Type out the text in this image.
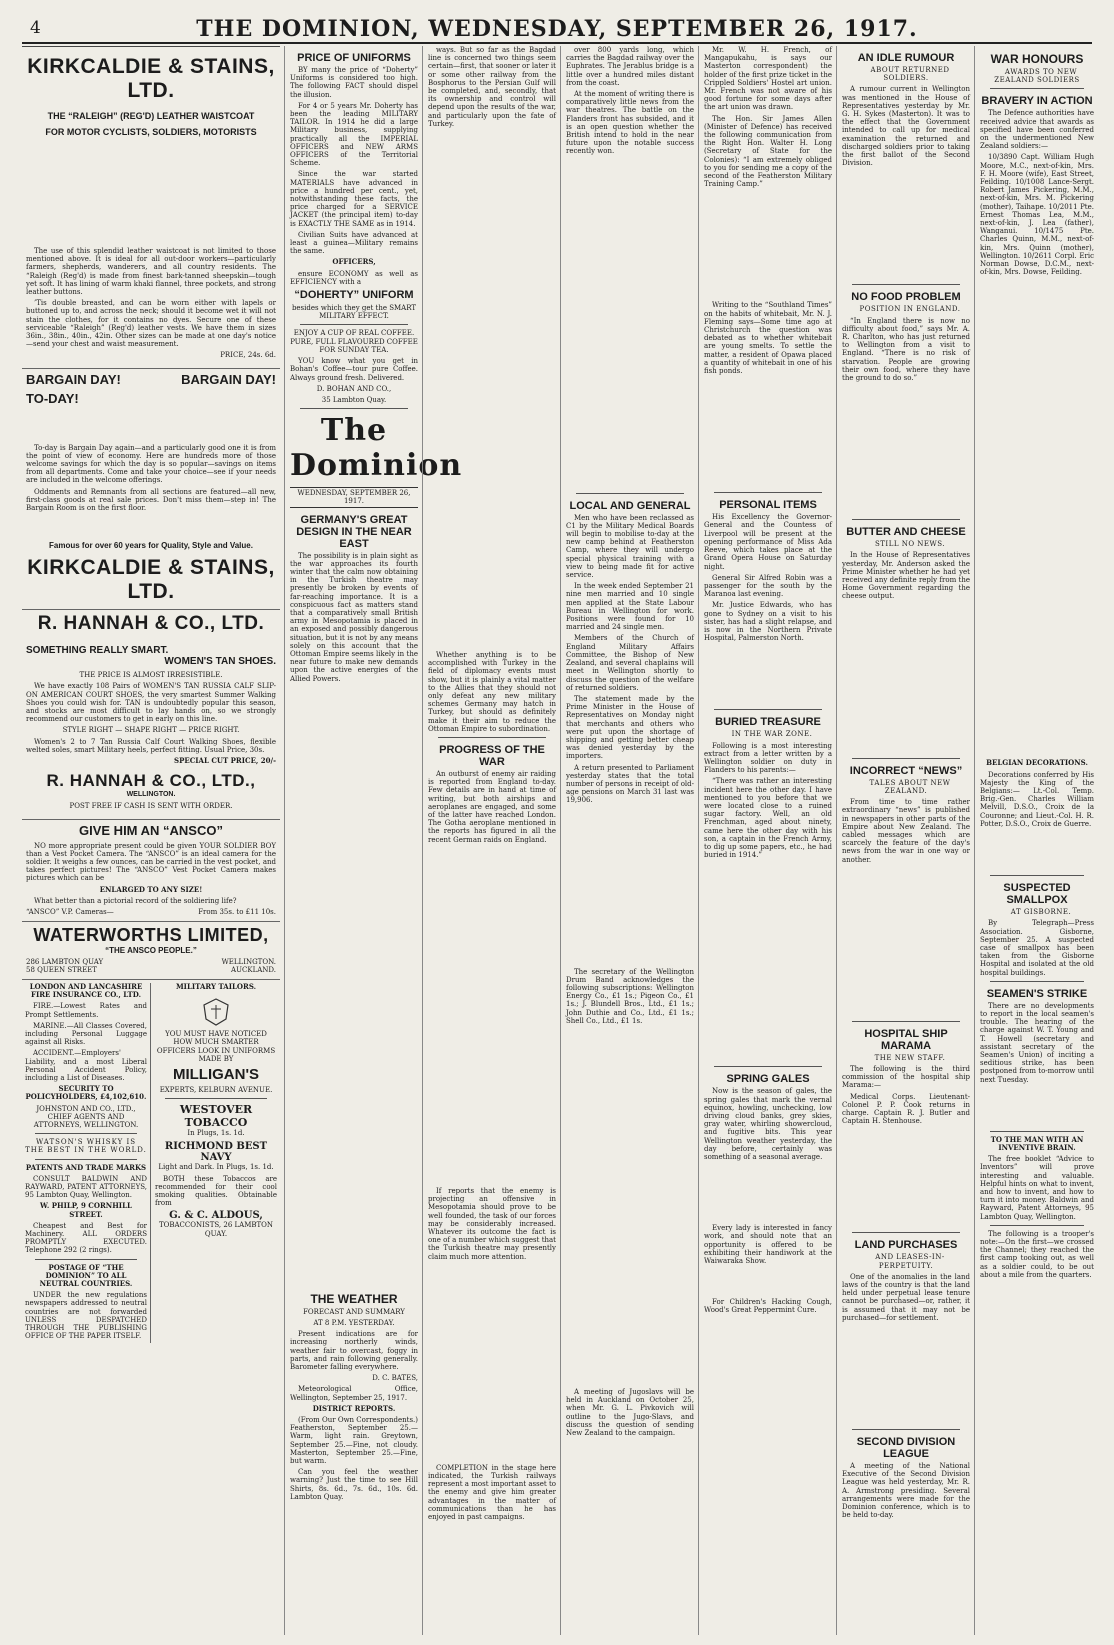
4	THE DOMINION, WEDNESDAY, SEPTEMBER 26, 1917.
KIRKCALDIE & STAINS, LTD.
THE “RALEIGH” (REG'D) LEATHER WAISTCOAT
FOR MOTOR CYCLISTS, SOLDIERS, MOTORISTS

The use of this splendid leather waistcoat is not limited to those mentioned above. It is ideal for all out-door workers—particularly farmers, shepherds, wanderers, and all country residents. The “Raleigh (Reg'd) is made from finest bark-tanned sheepskin—tough yet soft. It has lining of warm khaki flannel, three pockets, and strong leather buttons.

’Tis double breasted, and can be worn either with lapels or buttoned up to, and across the neck; should it become wet it will not stain the clothes, for it contains no dyes. Secure one of these serviceable “Raleigh” (Reg'd) leather vests. We have them in sizes 36in., 38in., 40in., 42in. Other sizes can be made at one day's notice—send your chest and waist measurement.

PRICE, 24s. 6d.

BARGAIN DAY!	BARGAIN DAY!
TO-DAY!

To-day is Bargain Day again—and a particularly good one it is from the point of view of economy. Here are hundreds more of those welcome savings for which the day is so popular—savings on items from all departments. Come and take your choice—see if your needs are included in the welcome offerings.

Oddments and Remnants from all sections are featured—all new, first-class goods at real sale prices. Don't miss them—step in! The Bargain Room is on the first floor.

Famous for over 60 years for Quality, Style and Value.
KIRKCALDIE & STAINS, LTD.
R. HANNAH & CO., LTD.
SOMETHING REALLY SMART.
WOMEN'S TAN SHOES.

THE PRICE IS ALMOST IRRESISTIBLE.

We have exactly 108 Pairs of WOMEN'S TAN RUSSIA CALF SLIP-ON AMERICAN COURT SHOES, the very smartest Summer Walking Shoes you could wish for. TAN is undoubtedly popular this season, and stocks are most difficult to lay hands on, so we strongly recommend our customers to get in early on this line.

STYLE RIGHT — SHAPE RIGHT — PRICE RIGHT.

Women's 2 to 7 Tan Russia Calf Court Walking Shoes, flexible welted soles, smart Military heels, perfect fitting. Usual Price, 30s.

SPECIAL CUT PRICE, 20/-

R. HANNAH & CO., LTD.,
WELLINGTON.

POST FREE IF CASH IS SENT WITH ORDER.

GIVE HIM AN “ANSCO”

NO more appropriate present could be given YOUR SOLDIER BOY than a Vest Pocket Camera. The “ANSCO” is an ideal camera for the soldier. It weighs a few ounces, can be carried in the vest pocket, and takes perfect pictures! The “ANSCO” Vest Pocket Camera makes pictures which can be

ENLARGED TO ANY SIZE!

What better than a pictorial record of the soldiering life?

“ANSCO” V.P. Cameras—	From 35s. to £11 10s.
WATERWORTHS LIMITED,
“THE ANSCO PEOPLE.”
286 LAMBTON QUAY	WELLINGTON.
58 QUEEN STREET	AUCKLAND.

LONDON AND LANCASHIRE FIRE INSURANCE CO., LTD.

FIRE.—Lowest Rates and Prompt Settlements.

MARINE.—All Classes Covered, including Personal Luggage against all Risks.

ACCIDENT.—Employers' Liability, and a most Liberal Personal Accident Policy, including a List of Diseases.

SECURITY TO POLICYHOLDERS, £4,102,610.

JOHNSTON AND CO., LTD., CHIEF AGENTS AND ATTORNEYS, WELLINGTON.

WATSON'S WHISKY IS THE BEST IN THE WORLD.

PATENTS AND TRADE MARKS

CONSULT BALDWIN AND RAYWARD, PATENT ATTORNEYS, 95 Lambton Quay, Wellington.

W. PHILP, 9 CORNHILL STREET.

Cheapest and Best for Machinery. ALL ORDERS PROMPTLY EXECUTED. Telephone 292 (2 rings).

POSTAGE OF “THE DOMINION” TO ALL NEUTRAL COUNTRIES.

UNDER the new regulations newspapers addressed to neutral countries are not forwarded UNLESS DESPATCHED THROUGH THE PUBLISHING OFFICE OF THE PAPER ITSELF.

MILITARY TAILORS.

YOU MUST HAVE NOTICED HOW MUCH SMARTER OFFICERS LOOK IN UNIFORMS MADE BY

MILLIGAN'S

EXPERTS, KELBURN AVENUE.

WESTOVER TOBACCO

In Plugs, 1s. 1d.

RICHMOND BEST NAVY

Light and Dark. In Plugs, 1s. 1d.

BOTH these Tobaccos are recommended for their cool smoking qualities. Obtainable from

G. & C. ALDOUS,

TOBACCONISTS, 26 LAMBTON QUAY.

PRICE OF UNIFORMS

BY many the price of “Doherty” Uniforms is considered too high. The following FACT should dispel the illusion.

For 4 or 5 years Mr. Doherty has been the leading MILITARY TAILOR. In 1914 he did a large Military business, supplying practically all the IMPERIAL OFFICERS and NEW ARMS OFFICERS of the Territorial Scheme.

Since the war started MATERIALS have advanced in price a hundred per cent., yet, notwithstanding these facts, the price charged for a SERVICE JACKET (the principal item) to-day is EXACTLY THE SAME as in 1914.

Civilian Suits have advanced at least a guinea—Military remains the same.

OFFICERS,

ensure ECONOMY as well as EFFICIENCY with a

“DOHERTY” UNIFORM

besides which they get the SMART MILITARY EFFECT.

ENJOY A CUP OF REAL COFFEE. PURE, FULL FLAVOURED COFFEE FOR SUNDAY TEA.

YOU know what you get in Bohan's Coffee—tour pure Coffee. Always ground fresh. Delivered.

D. BOHAN AND CO.,

35 Lambton Quay.

The Dominion

WEDNESDAY, SEPTEMBER 26, 1917.

GERMANY'S GREAT DESIGN IN THE NEAR EAST

The possibility is in plain sight as the war approaches its fourth winter that the calm now obtaining in the Turkish theatre may presently be broken by events of far-reaching importance. It is a conspicuous fact as matters stand that a comparatively small British army in Mesopotamia is placed in an exposed and possibly dangerous situation, but it is not by any means solely on this account that the Ottoman Empire seems likely in the near future to make new demands upon the active energies of the Allied Powers.

THE WEATHER

FORECAST AND SUMMARY

AT 8 P.M. YESTERDAY.

Present indications are for increasing northerly winds, weather fair to overcast, foggy in parts, and rain following generally. Barometer falling everywhere.

D. C. BATES,

Meteorological Office, Wellington, September 25, 1917.

DISTRICT REPORTS.

(From Our Own Correspondents.) Featherston, September 25.—Warm, light rain. Greytown, September 25.—Fine, not cloudy. Masterton, September 25.—Fine, but warm.

Can you feel the weather warning? Just the time to see Hill Shirts, 8s. 6d., 7s. 6d., 10s. 6d. Lambton Quay.

ways. But so far as the Bagdad line is concerned two things seem certain—first, that sooner or later it or some other railway from the Bosphorus to the Persian Gulf will be completed, and, secondly, that its ownership and control will depend upon the results of the war, and particularly upon the fate of Turkey.

Whether anything is to be accomplished with Turkey in the field of diplomacy events must show, but it is plainly a vital matter to the Allies that they should not only defeat any new military schemes Germany may hatch in Turkey, but should as definitely make it their aim to reduce the Ottoman Empire to subordination.

PROGRESS OF THE WAR

An outburst of enemy air raiding is reported from England to-day. Few details are in hand at time of writing, but both airships and aeroplanes are engaged, and some of the latter have reached London. The Gotha aeroplane mentioned in the reports has figured in all the recent German raids on England.

If reports that the enemy is projecting an offensive in Mesopotamia should prove to be well founded, the task of our forces may be considerably increased. Whatever its outcome the fact is one of a number which suggest that the Turkish theatre may presently claim much more attention.

COMPLETION in the stage here indicated, the Turkish railways represent a most important asset to the enemy and give him greater advantages in the matter of communications than he has enjoyed in past campaigns.

over 800 yards long, which carries the Bagdad railway over the Euphrates. The Jerablus bridge is a little over a hundred miles distant from the coast.

At the moment of writing there is comparatively little news from the war theatres. The battle on the Flanders front has subsided, and it is an open question whether the British intend to hold in the near future upon the notable success recently won.

LOCAL AND GENERAL

Men who have been reclassed as C1 by the Military Medical Boards will begin to mobilise to-day at the new camp behind at Featherston Camp, where they will undergo special physical training with a view to being made fit for active service.

In the week ended September 21 nine men married and 10 single men applied at the State Labour Bureau in Wellington for work. Positions were found for 10 married and 24 single men.

Members of the Church of England Military Affairs Committee, the Bishop of New Zealand, and several chaplains will meet in Wellington shortly to discuss the question of the welfare of returned soldiers.

The statement made by the Prime Minister in the House of Representatives on Monday night that merchants and others who were put upon the shortage of shipping and getting better cheap was denied yesterday by the importers.

A return presented to Parliament yesterday states that the total number of persons in receipt of old-age pensions on March 31 last was 19,906.

The secretary of the Wellington Drum Band acknowledges the following subscriptions: Wellington Energy Co., £1 1s.; Pigeon Co., £1 1s.; J. Blundell Bros., Ltd., £1 1s.; John Duthie and Co., Ltd., £1 1s.; Shell Co., Ltd., £1 1s.

A meeting of Jugoslavs will be held in Auckland on October 25, when Mr. G. L. Pivkovich will outline to the Jugo-Slavs, and discuss the question of sending New Zealand to the campaign.

Mr. W. H. French, of Mangapukahu, is says our Masterton correspondent) the holder of the first prize ticket in the Crippled Soldiers' Hostel art union. Mr. French was not aware of his good fortune for some days after the art union was drawn.

The Hon. Sir James Allen (Minister of Defence) has received the following communication from the Right Hon. Walter H. Long (Secretary of State for the Colonies): “I am extremely obliged to you for sending me a copy of the second of the Featherston Military Training Camp.”

Writing to the “Southland Times” on the habits of whitebait, Mr. N. J. Fleming says—Some time ago at Christchurch the question was debated as to whether whitebait are young smelts. To settle the matter, a resident of Opawa placed a quantity of whitebait in one of his fish ponds.

PERSONAL ITEMS

His Excellency the Governor-General and the Countess of Liverpool will be present at the opening performance of Miss Ada Reeve, which takes place at the Grand Opera House on Saturday night.

General Sir Alfred Robin was a passenger for the south by the Maranoa last evening.

Mr. Justice Edwards, who has gone to Sydney on a visit to his sister, has had a slight relapse, and is now in the Northern Private Hospital, Palmerston North.

BURIED TREASURE

IN THE WAR ZONE.

Following is a most interesting extract from a letter written by a Wellington soldier on duty in Flanders to his parents:—

“There was rather an interesting incident here the other day. I have mentioned to you before that we were located close to a ruined sugar factory. Well, an old Frenchman, aged about ninety, came here the other day with his son, a captain in the French Army, to dig up some papers, etc., he had buried in 1914.”

SPRING GALES

Now is the season of gales, the spring gales that mark the vernal equinox, howling, unchecking, low driving cloud banks, grey skies, gray water, whirling showercloud, and fugitive bits. This year Wellington weather yesterday, the day before, certainly was something of a seasonal average.

Every lady is interested in fancy work, and should note that an opportunity is offered to be exhibiting their handiwork at the Waiwaraka Show.

For Children's Hacking Cough, Wood's Great Peppermint Cure.

AN IDLE RUMOUR

ABOUT RETURNED SOLDIERS.

A rumour current in Wellington was mentioned in the House of Representatives yesterday by Mr. G. H. Sykes (Masterton). It was to the effect that the Government intended to call up for medical examination the returned and discharged soldiers prior to taking the first ballot of the Second Division.

NO FOOD PROBLEM

POSITION IN ENGLAND.

“In England there is now no difficulty about food,” says Mr. A. R. Charlton, who has just returned to Wellington from a visit to England. “There is no risk of starvation. People are growing their own food, where they have the ground to do so.”

BUTTER AND CHEESE

STILL NO NEWS.

In the House of Representatives yesterday, Mr. Anderson asked the Prime Minister whether he had yet received any definite reply from the Home Government regarding the cheese output.

INCORRECT “NEWS”

TALES ABOUT NEW ZEALAND.

From time to time rather extraordinary “news” is published in newspapers in other parts of the Empire about New Zealand. The cabled messages which are scarcely the feature of the day's news from the war in one way or another.

HOSPITAL SHIP MARAMA

THE NEW STAFF.

The following is the third commission of the hospital ship Marama:—

Medical Corps. Lieutenant-Colonel P. P. Cook returns in charge. Captain R. J. Butler and Captain H. Stenhouse.

LAND PURCHASES

AND LEASES-IN-PERPETUITY.

One of the anomalies in the land laws of the country is that the land held under perpetual lease tenure cannot be purchased—or, rather, it is assumed that it may not be purchased—for settlement.

SECOND DIVISION LEAGUE

A meeting of the National Executive of the Second Division League was held yesterday, Mr. R. A. Armstrong presiding. Several arrangements were made for the Dominion conference, which is to be held to-day.

WAR HONOURS

AWARDS TO NEW ZEALAND SOLDIERS

BRAVERY IN ACTION

The Defence authorities have received advice that awards as specified have been conferred on the undermentioned New Zealand soldiers:—

10/3890 Capt. William Hugh Moore, M.C., next-of-kin, Mrs. F. H. Moore (wife), East Street, Feilding. 10/1008 Lance-Sergt. Robert James Pickering, M.M., next-of-kin, Mrs. M. Pickering (mother), Taihape. 10/2011 Pte. Ernest Thomas Lea, M.M., next-of-kin, J. Lea (father), Wanganui. 10/1475 Pte. Charles Quinn, M.M., next-of-kin, Mrs. Quinn (mother), Wellington. 10/2611 Corpl. Eric Norman Dowse, D.C.M., next-of-kin, Mrs. Dowse, Feilding.

BELGIAN DECORATIONS.

Decorations conferred by His Majesty the King of the Belgians:— Lt.-Col. Temp. Brig.-Gen. Charles William Melvill, D.S.O., Croix de la Couronne; and Lieut.-Col. H. R. Potter, D.S.O., Croix de Guerre.

SUSPECTED SMALLPOX

AT GISBORNE.

By Telegraph—Press Association. Gisborne, September 25. A suspected case of smallpox has been taken from the Gisborne Hospital and isolated at the old hospital buildings.

SEAMEN'S STRIKE

There are no developments to report in the local seamen's trouble. The hearing of the charge against W. T. Young and T. Howell (secretary and assistant secretary of the Seamen's Union) of inciting a seditious strike, has been postponed from to-morrow until next Tuesday.

TO THE MAN WITH AN INVENTIVE BRAIN.

The free booklet “Advice to Inventors” will prove interesting and valuable. Helpful hints on what to invent, and how to invent, and how to turn it into money. Baldwin and Rayward, Patent Attorneys, 95 Lambton Quay, Wellington.

The following is a trooper's note:—On the first—we crossed the Channel; they reached the first camp tooking out, as well as a soldier could, to be out about a mile from the quarters.
